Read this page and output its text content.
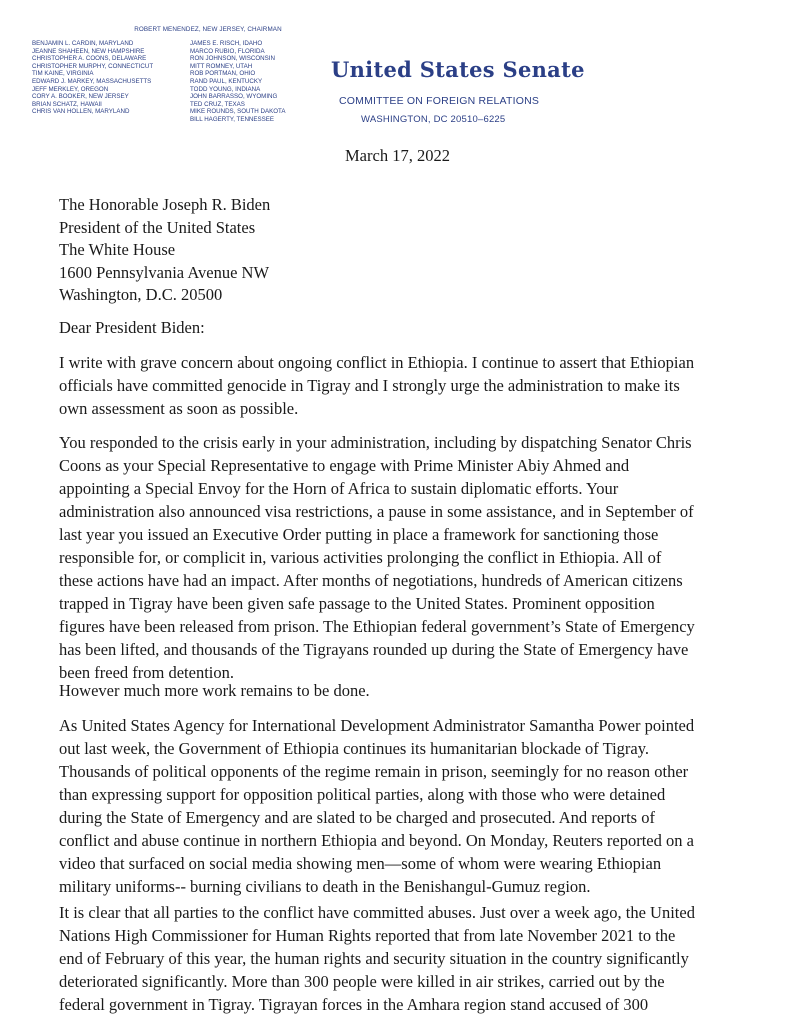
ROBERT MENENDEZ, NEW JERSEY, CHAIRMAN
BENJAMIN L. CARDIN, MARYLAND
JEANNE SHAHEEN, NEW HAMPSHIRE
CHRISTOPHER A. COONS, DELAWARE
CHRISTOPHER MURPHY, CONNECTICUT
TIM KAINE, VIRGINIA
EDWARD J. MARKEY, MASSACHUSETTS
JEFF MERKLEY, OREGON
CORY A. BOOKER, NEW JERSEY
BRIAN SCHATZ, HAWAII
CHRIS VAN HOLLEN, MARYLAND
JAMES E. RISCH, IDAHO
MARCO RUBIO, FLORIDA
RON JOHNSON, WISCONSIN
MITT ROMNEY, UTAH
ROB PORTMAN, OHIO
RAND PAUL, KENTUCKY
TODD YOUNG, INDIANA
JOHN BARRASSO, WYOMING
TED CRUZ, TEXAS
MIKE ROUNDS, SOUTH DAKOTA
BILL HAGERTY, TENNESSEE
United States Senate
COMMITTEE ON FOREIGN RELATIONS
WASHINGTON, DC 20510–6225
March 17, 2022
The Honorable Joseph R. Biden
President of the United States
The White House
1600 Pennsylvania Avenue NW
Washington, D.C. 20500
Dear President Biden:
I write with grave concern about ongoing conflict in Ethiopia. I continue to assert that Ethiopian
officials have committed genocide in Tigray and I strongly urge the administration to make its
own assessment as soon as possible.
You responded to the crisis early in your administration, including by dispatching Senator Chris
Coons as your Special Representative to engage with Prime Minister Abiy Ahmed and
appointing a Special Envoy for the Horn of Africa to sustain diplomatic efforts. Your
administration also announced visa restrictions, a pause in some assistance, and in September of
last year you issued an Executive Order putting in place a framework for sanctioning those
responsible for, or complicit in, various activities prolonging the conflict in Ethiopia. All of
these actions have had an impact. After months of negotiations, hundreds of American citizens
trapped in Tigray have been given safe passage to the United States. Prominent opposition
figures have been released from prison. The Ethiopian federal government’s State of Emergency
has been lifted, and thousands of the Tigrayans rounded up during the State of Emergency have
been freed from detention.
However much more work remains to be done.
As United States Agency for International Development Administrator Samantha Power pointed
out last week, the Government of Ethiopia continues its humanitarian blockade of Tigray.
Thousands of political opponents of the regime remain in prison, seemingly for no reason other
than expressing support for opposition political parties, along with those who were detained
during the State of Emergency and are slated to be charged and prosecuted. And reports of
conflict and abuse continue in northern Ethiopia and beyond. On Monday, Reuters reported on a
video that surfaced on social media showing men—some of whom were wearing Ethiopian
military uniforms-- burning civilians to death in the Benishangul-Gumuz region.
It is clear that all parties to the conflict have committed abuses. Just over a week ago, the United
Nations High Commissioner for Human Rights reported that from late November 2021 to the
end of February of this year, the human rights and security situation in the country significantly
deteriorated significantly. More than 300 people were killed in air strikes, carried out by the
federal government in Tigray. Tigrayan forces in the Amhara region stand accused of 300
